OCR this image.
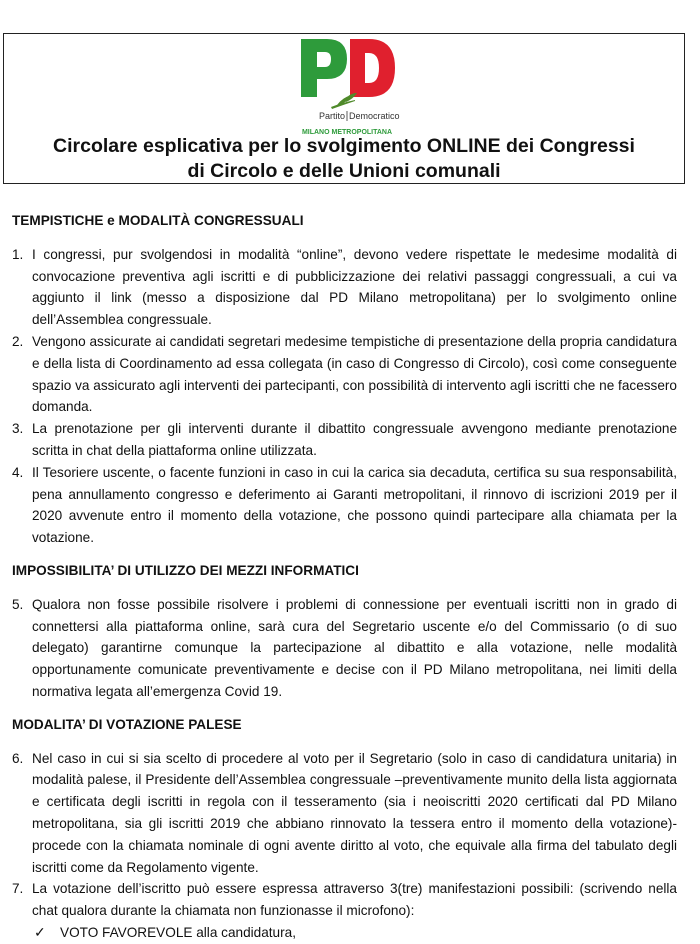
Partito Democratico
MILANO METROPOLITANA
Circolare esplicativa per lo svolgimento ONLINE dei Congressi
di Circolo e delle Unioni comunali
TEMPISTICHE e MODALITÀ CONGRESSUALI
1. I congressi, pur svolgendosi in modalità “online”, devono vedere rispettate le medesime modalità di convocazione preventiva agli iscritti e di pubblicizzazione dei relativi passaggi congressuali, a cui va aggiunto il link (messo a disposizione dal PD Milano metropolitana) per lo svolgimento online dell’Assemblea congressuale.
2. Vengono assicurate ai candidati segretari medesime tempistiche di presentazione della propria candidatura e della lista di Coordinamento ad essa collegata (in caso di Congresso di Circolo), così come conseguente spazio va assicurato agli interventi dei partecipanti, con possibilità di intervento agli iscritti che ne facessero domanda.
3. La prenotazione per gli interventi durante il dibattito congressuale avvengono mediante prenotazione scritta in chat della piattaforma online utilizzata.
4. Il Tesoriere uscente, o facente funzioni in caso in cui la carica sia decaduta, certifica su sua responsabilità, pena annullamento congresso e deferimento ai Garanti metropolitani, il rinnovo di iscrizioni 2019 per il 2020 avvenute entro il momento della votazione, che possono quindi partecipare alla chiamata per la votazione.
IMPOSSIBILITA’ DI UTILIZZO DEI MEZZI INFORMATICI
5. Qualora non fosse possibile risolvere i problemi di connessione per eventuali iscritti non in grado di connettersi alla piattaforma online, sarà cura del Segretario uscente e/o del Commissario (o di suo delegato) garantirne comunque la partecipazione al dibattito e alla votazione, nelle modalità opportunamente comunicate preventivamente e decise con il PD Milano metropolitana, nei limiti della normativa legata all’emergenza Covid 19.
MODALITA’ DI VOTAZIONE PALESE
6. Nel caso in cui si sia scelto di procedere al voto per il Segretario (solo in caso di candidatura unitaria) in modalità palese, il Presidente dell’Assemblea congressuale –preventivamente munito della lista aggiornata e certificata degli iscritti in regola con il tesseramento (sia i neoiscritti 2020 certificati dal PD Milano metropolitana, sia gli iscritti 2019 che abbiano rinnovato la tessera entro il momento della votazione)- procede con la chiamata nominale di ogni avente diritto al voto, che equivale alla firma del tabulato degli iscritti come da Regolamento vigente.
7. La votazione dell’iscritto può essere espressa attraverso 3(tre) manifestazioni possibili: (scrivendo nella chat qualora durante la chiamata non funzionasse il microfono):
✓ VOTO FAVOREVOLE alla candidatura,
